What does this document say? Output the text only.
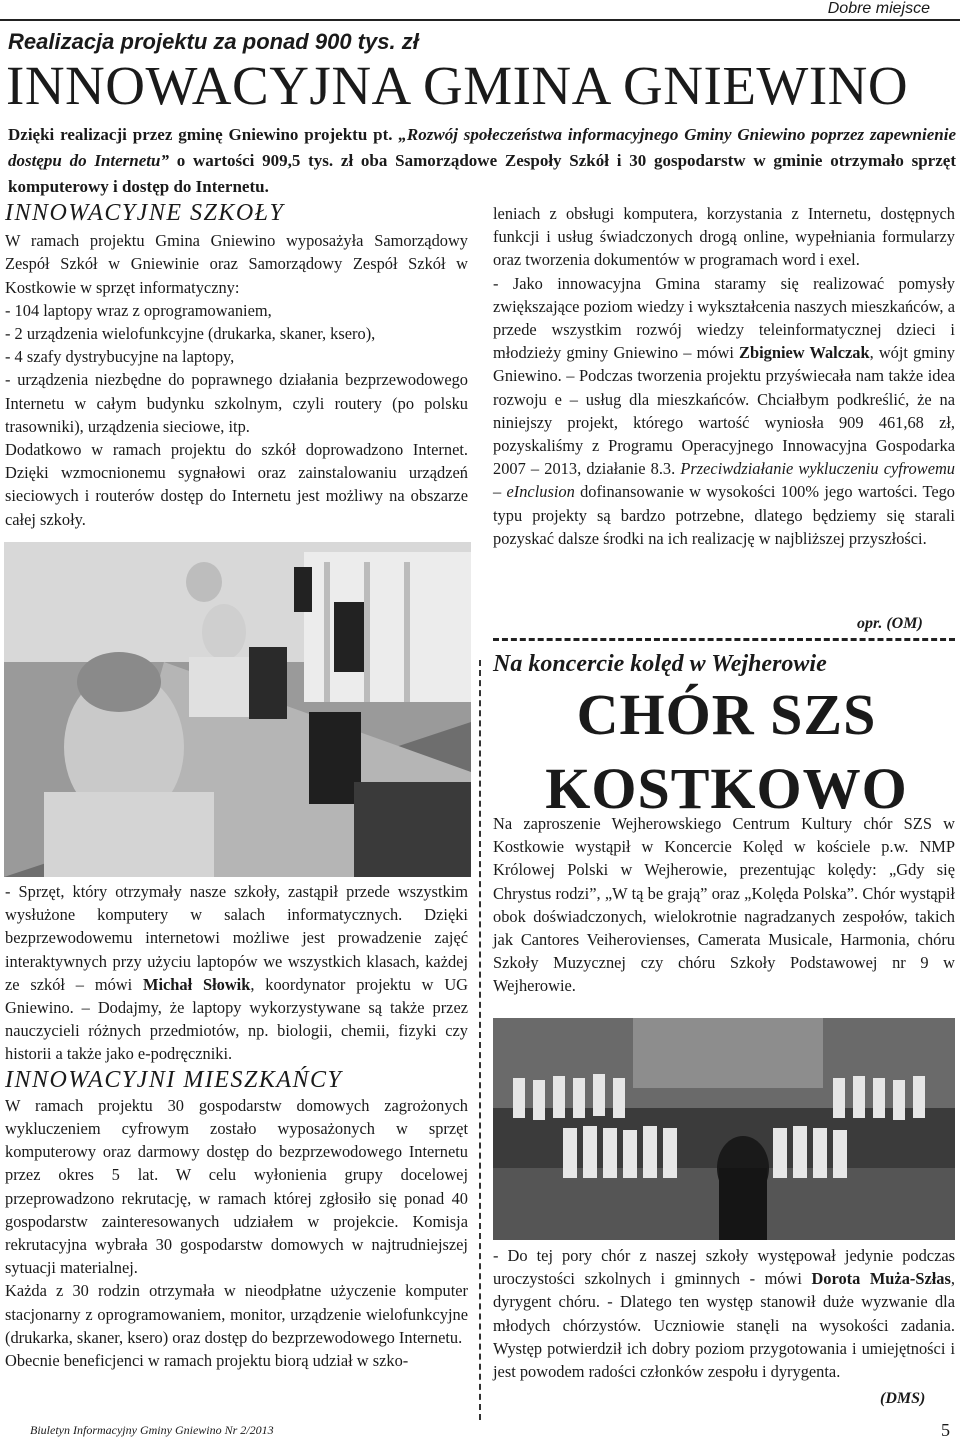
Dobre miejsce
Realizacja projektu za ponad 900 tys. zł
INNOWACYJNA GMINA GNIEWINO
Dzięki realizacji przez gminę Gniewino projektu pt. „Rozwój społeczeństwa informacyjnego Gminy Gniewino poprzez zapewnienie dostępu do Internetu” o wartości 909,5 tys. zł oba Samorządowe Zespoły Szkół i 30 gospodarstw w gminie otrzymało sprzęt komputerowy i dostęp do Internetu.
INNOWACYJNE SZKOŁY

W ramach projektu Gmina Gniewino wyposażyła Samorządowy Zespół Szkół w Gniewinie oraz Samorządowy Zespół Szkół w Kostkowie w sprzęt informatyczny:

- 104 laptopy wraz z oprogramowaniem,

- 2 urządzenia wielofunkcyjne (drukarka, skaner, ksero),

- 4 szafy dystrybucyjne na laptopy,

- urządzenia niezbędne do poprawnego działania bezprzewodowego Internetu w całym budynku szkolnym, czyli routery (po polsku trasowniki), urządzenia sieciowe, itp.

Dodatkowo w ramach projektu do szkół doprowadzono Internet. Dzięki wzmocnionemu sygnałowi oraz zainstalowaniu urządzeń sieciowych i routerów dostęp do Internetu jest możliwy na obszarze całej szkoły.

- Sprzęt, który otrzymały nasze szkoły, zastąpił przede wszystkim wysłużone komputery w salach informatycznych. Dzięki bezprzewodowemu internetowi możliwe jest prowadzenie zajęć interaktywnych przy użyciu laptopów we wszystkich klasach, każdej ze szkół – mówi Michał Słowik, koordynator projektu w UG Gniewino. – Dodajmy, że laptopy wykorzystywane są także przez nauczycieli różnych przedmiotów, np. biologii, chemii, fizyki czy historii a także jako e-podręczniki.

INNOWACYJNI MIESZKAŃCY

W ramach projektu 30 gospodarstw domowych zagrożonych wykluczeniem cyfrowym zostało wyposażonych w sprzęt komputerowy oraz darmowy dostęp do bezprzewodowego Internetu przez okres 5 lat. W celu wyłonienia grupy docelowej przeprowadzono rekrutację, w ramach której zgłosiło się ponad 40 gospodarstw zainteresowanych udziałem w projekcie. Komisja rekrutacyjna wybrała 30 gospodarstw domowych w najtrudniejszej sytuacji materialnej.

Każda z 30 rodzin otrzymała w nieodpłatne użyczenie komputer stacjonarny z oprogramowaniem, monitor, urządzenie wielofunkcyjne (drukarka, skaner, ksero) oraz dostęp do bezprzewodowego Internetu.

Obecnie beneficjenci w ramach projektu biorą udział w szko-

leniach z obsługi komputera, korzystania z Internetu, dostępnych funkcji i usług świadczonych drogą online, wypełniania formularzy oraz tworzenia dokumentów w programach word i exel.

- Jako innowacyjna Gmina staramy się realizować pomysły zwiększające poziom wiedzy i wykształcenia naszych mieszkańców, a przede wszystkim rozwój wiedzy teleinformatycznej dzieci i młodzieży gminy Gniewino – mówi Zbigniew Walczak, wójt gminy Gniewino. – Podczas tworzenia projektu przyświecała nam także idea rozwoju e – usług dla mieszkańców. Chciałbym podkreślić, że na niniejszy projekt, którego wartość wyniosła 909 461,68 zł, pozyskaliśmy z Programu Operacyjnego Innowacyjna Gospodarka 2007 – 2013, działanie 8.3. Przeciwdziałanie wykluczeniu cyfrowemu – eInclusion dofinansowanie w wysokości 100% jego wartości. Tego typu projekty są bardzo potrzebne, dlatego będziemy się starali pozyskać dalsze środki na ich realizację w najbliższej przyszłości.

opr. (OM)
Na koncercie kolęd w Wejherowie
CHÓR SZS
KOSTKOWO
Na zaproszenie Wejherowskiego Centrum Kultury chór SZS w Kostkowie wystąpił w Koncercie Kolęd w kościele p.w. NMP Królowej Polski w Wejherowie, prezentując kolędy: „Gdy się Chrystus rodzi”, „W tą be grają” oraz „Kolęda Polska”. Chór wystąpił obok doświadczonych, wielokrotnie nagradzanych zespołów, takich jak Cantores Veiherovienses, Camerata Musicale, Harmonia, chóru Szkoły Muzycznej czy chóru Szkoły Podstawowej nr 9 w Wejherowie.
- Do tej pory chór z naszej szkoły występował jedynie podczas uroczystości szkolnych i gminnych - mówi Dorota Muża-Szłas, dyrygent chóru. - Dlatego ten występ stanowił duże wyzwanie dla młodych chórzystów. Uczniowie stanęli na wysokości zadania. Występ potwierdził ich dobry poziom przygotowania i umiejętności i jest powodem radości członków zespołu i dyrygenta.
(DMS)
Biuletyn Informacyjny Gminy Gniewino Nr 2/2013	5
